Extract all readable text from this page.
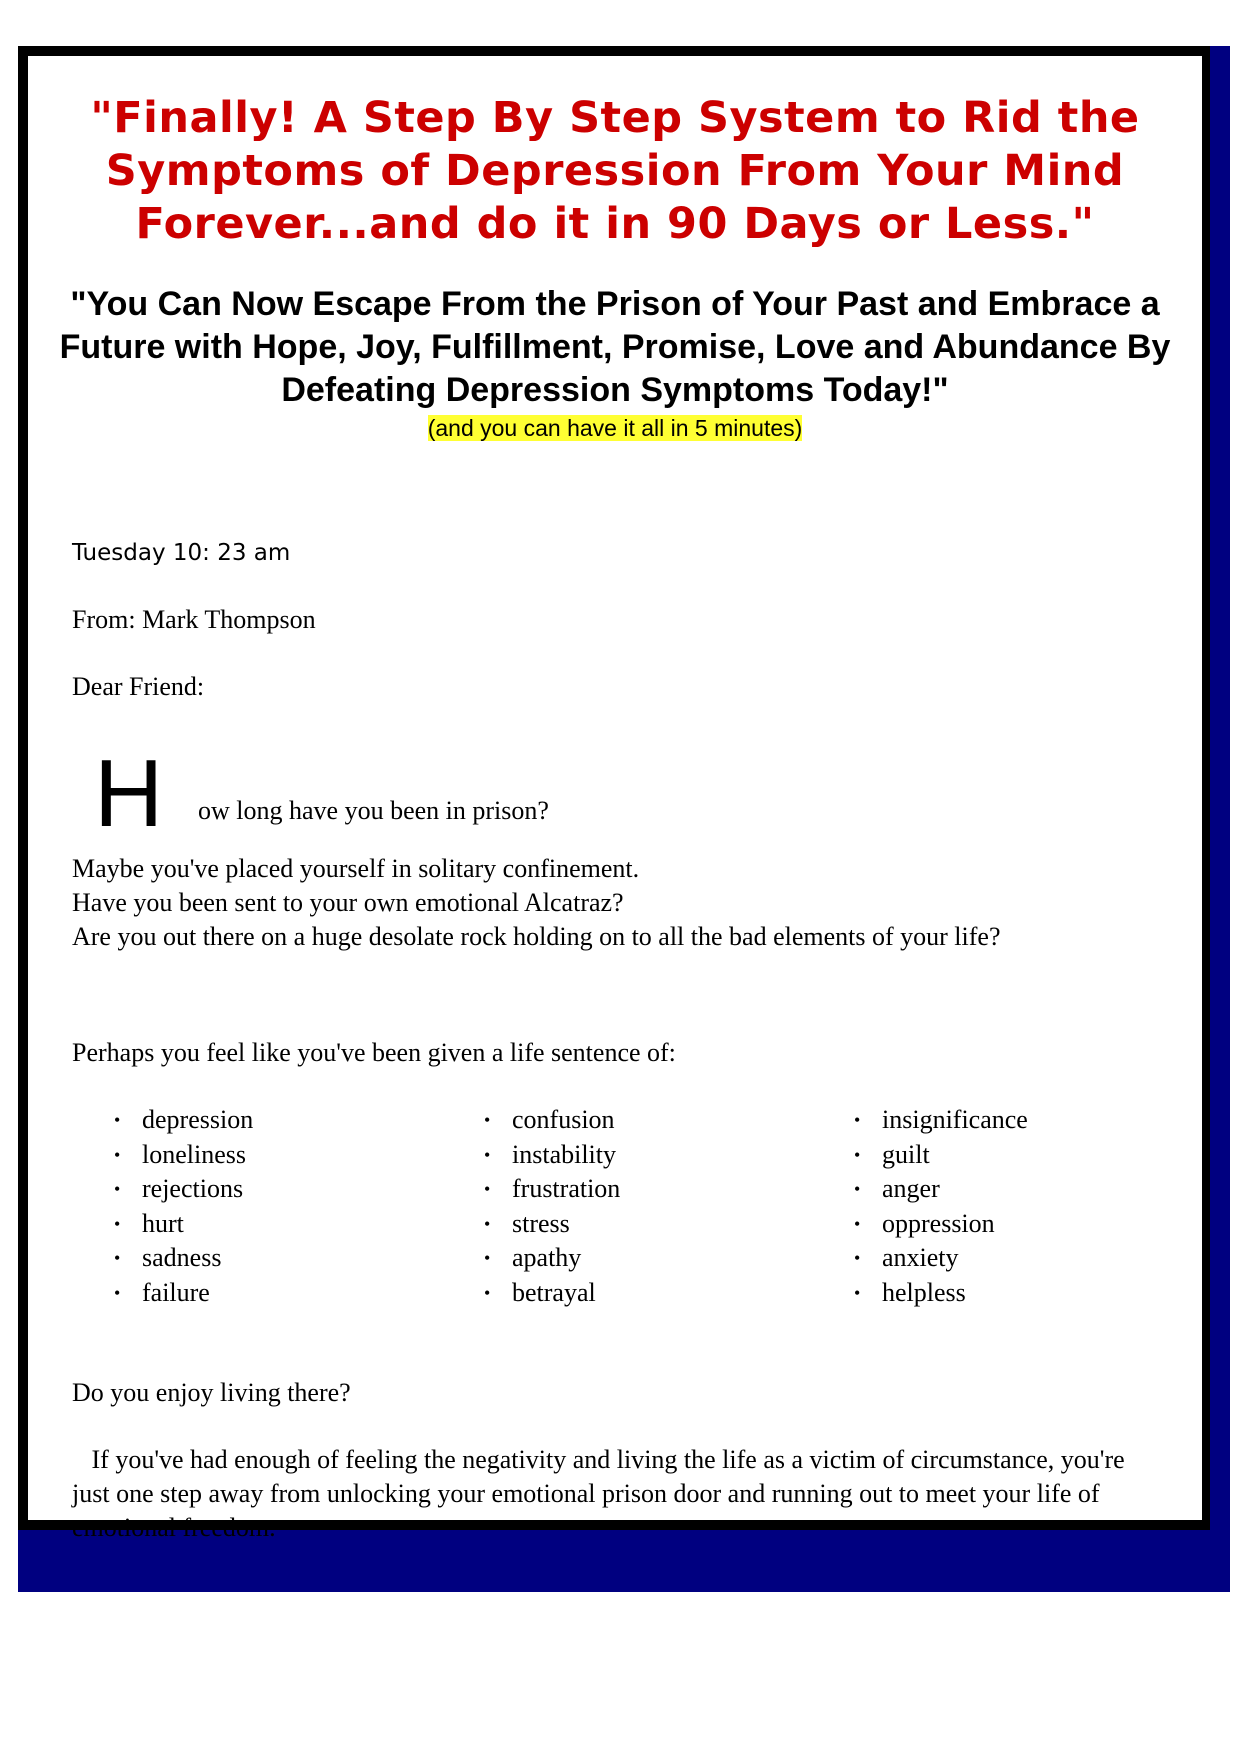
"Finally! A Step By Step System to Rid the Symptoms of Depression From Your Mind Forever...and do it in 90 Days or Less."
"You Can Now Escape From the Prison of Your Past and Embrace a Future with Hope, Joy, Fulfillment, Promise, Love and Abundance By Defeating Depression Symptoms Today!"
(and you can have it all in 5 minutes)
Tuesday 10: 23 am
From: Mark Thompson
Dear Friend:
H ow long have you been in prison?
Maybe you've placed yourself in solitary confinement.
Have you been sent to your own emotional Alcatraz?
Are you out there on a huge desolate rock holding on to all the bad elements of your life?
Perhaps you feel like you've been given a life sentence of:
• depression
• loneliness
• rejections
• hurt
• sadness
• failure
• confusion
• instability
• frustration
• stress
• apathy
• betrayal
• insignificance
• guilt
• anger
• oppression
• anxiety
• helpless
Do you enjoy living there?
If you've had enough of feeling the negativity and living the life as a victim of circumstance, you're just one step away from unlocking your emotional prison door and running out to meet your life of emotional freedom.
